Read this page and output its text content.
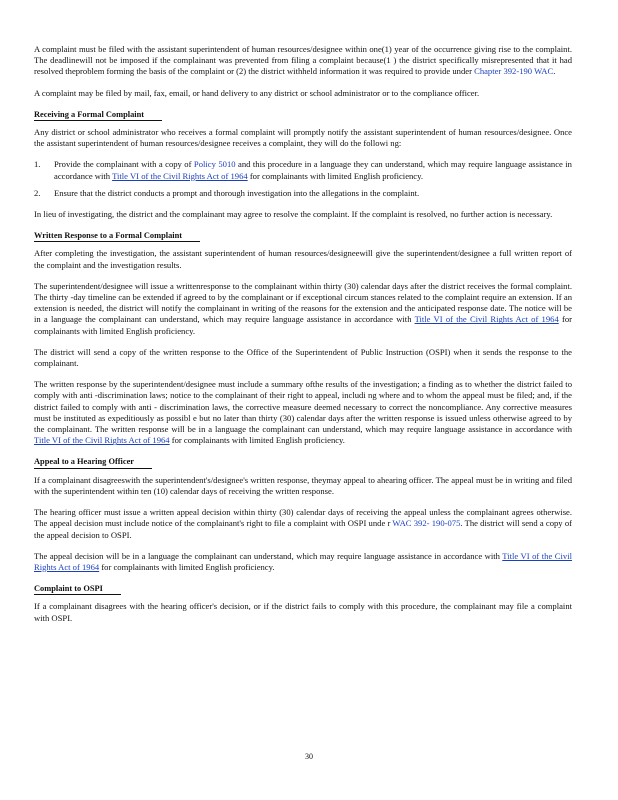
A complaint must be filed with the assistant superintendent of human resources/designee within one(1) year of the occurrence giving rise to the complaint. The deadlinewill not be imposed if the complainant was prevented from filing a complaint because(1 ) the district specifically misrepresented that it had resolved theproblem forming the basis of the complaint or (2) the district withheld information it was required to provide under Chapter 392-190 WAC.

A complaint may be filed by mail, fax, email, or hand delivery to any district or school administrator or to the compliance officer.

Receiving a Formal Complaint

Any district or school administrator who receives a formal complaint will promptly notify the assistant superintendent of human resources/designee. Once the assistant superintendent of human resources/designee receives a complaint, they will do the followi ng:

1. Provide the complainant with a copy of Policy 5010 and this procedure in a language they can understand, which may require language assistance in accordance with Title VI of the Civil Rights Act of 1964 for complainants with limited English proficiency.
2. Ensure that the district conducts a prompt and thorough investigation into the allegations in the complaint.

In lieu of investigating, the district and the complainant may agree to resolve the complaint. If the complaint is resolved, no further action is necessary.

Written Response to a Formal Complaint

After completing the investigation, the assistant superintendent of human resources/designeewill give the superintendent/designee a full written report of the complaint and the investigation results.

The superintendent/designee will issue a writtenresponse to the complainant within thirty (30) calendar days after the district receives the formal complaint. The thirty -day timeline can be extended if agreed to by the complainant or if exceptional circum stances related to the complaint require an extension. If an extension is needed, the district will notify the complainant in writing of the reasons for the extension and the anticipated response date. The notice will be in a language the complainant can understand, which may require language assistance in accordance with Title VI of the Civil Rights Act of 1964 for complainants with limited English proficiency.

The district will send a copy of the written response to the Office of the Superintendent of Public Instruction (OSPI) when it sends the response to the complainant.

The written response by the superintendent/designee must include a summary ofthe results of the investigation; a finding as to whether the district failed to comply with anti -discrimination laws; notice to the complainant of their right to appeal, includi ng where and to whom the appeal must be filed; and, if the district failed to comply with anti - discrimination laws, the corrective measure deemed necessary to correct the noncompliance. Any corrective measures must be instituted as expeditiously as possibl e but no later than thirty (30) calendar days after the written response is issued unless otherwise agreed to by the complainant. The written response will be in a language the complainant can understand, which may require language assistance in accordance with Title VI of the Civil Rights Act of 1964 for complainants with limited English proficiency.

Appeal to a Hearing Officer

If a complainant disagreeswith the superintendent's/designee's written response, theymay appeal to ahearing officer. The appeal must be in writing and filed with the superintendent within ten (10) calendar days of receiving the written response.

The hearing officer must issue a written appeal decision within thirty (30) calendar days of receiving the appeal unless the complainant agrees otherwise. The appeal decision must include notice of the complainant's right to file a complaint with OSPI unde r WAC 392- 190-075. The district will send a copy of the appeal decision to OSPI.

The appeal decision will be in a language the complainant can understand, which may require language assistance in accordance with Title VI of the Civil Rights Act of 1964 for complainants with limited English proficiency.

Complaint to OSPI

If a complainant disagrees with the hearing officer's decision, or if the district fails to comply with this procedure, the complainant may file a complaint with OSPI.

30
